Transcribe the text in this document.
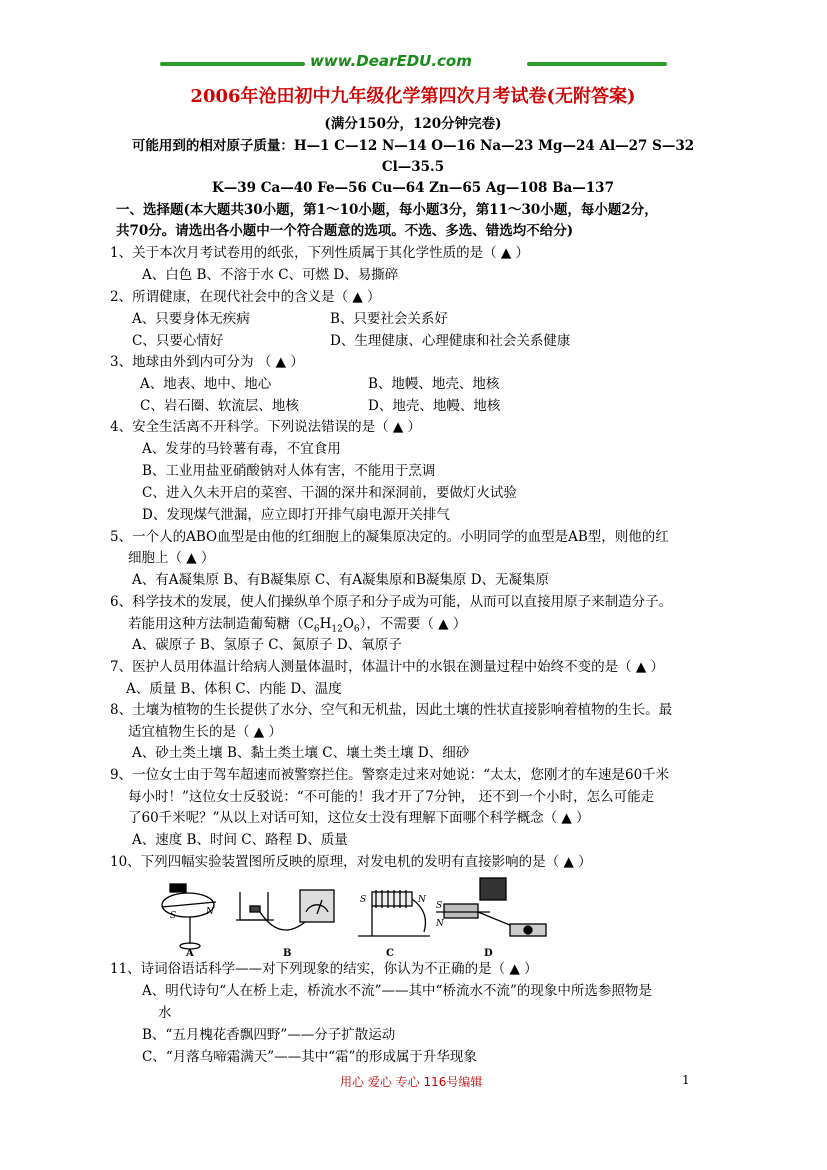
www.DearEDU.com
2006年沧田初中九年级化学第四次月考试卷(无附答案)
(满分150分，120分钟完卷)
可能用到的相对原子质量：H—1 C—12 N—14 O—16 Na—23 Mg—24 Al—27 S—32
Cl—35.5
K—39 Ca—40 Fe—56 Cu—64 Zn—65 Ag—108 Ba—137
一、选择题(本大题共30小题，第1～10小题，每小题3分，第11～30小题，每小题2分，
共70分。请选出各小题中一个符合题意的选项。不选、多选、错选均不给分)
1、关于本次月考试卷用的纸张，下列性质属于其化学性质的是（ ▲ ）
A、白色 B、不溶于水 C、可燃 D、易撕碎
2、所谓健康，在现代社会中的含义是（ ▲ ）
A、只要身体无疾病	B、只要社会关系好
C、只要心情好	D、生理健康、心理健康和社会关系健康
3、地球由外到内可分为 （ ▲ ）
A、地表、地中、地心	B、地幔、地壳、地核
C、岩石圈、软流层、地核	D、地壳、地幔、地核
4、安全生活离不开科学。下列说法错误的是（ ▲ ）
A、发芽的马铃薯有毒，不宜食用
B、工业用盐亚硝酸钠对人体有害，不能用于烹调
C、进入久未开启的菜窖、干涸的深井和深洞前，要做灯火试验
D、发现煤气泄漏，应立即打开排气扇电源开关排气
5、一个人的ABO血型是由他的红细胞上的凝集原决定的。小明同学的血型是AB型，则他的红
细胞上（ ▲ ）
A、有A凝集原 B、有B凝集原 C、有A凝集原和B凝集原 D、无凝集原
6、科学技术的发展，使人们操纵单个原子和分子成为可能，从而可以直接用原子来制造分子。
若能用这种方法制造葡萄糖$(C_6H_{12}O_6)$，不需要（ ▲ ）
A、碳原子 B、氢原子 C、氮原子 D、氧原子
7、医护人员用体温计给病人测量体温时，体温计中的水银在测量过程中始终不变的是（ ▲ ）
A、质量 B、体积 C、内能 D、温度
8、土壤为植物的生长提供了水分、空气和无机盐，因此土壤的性状直接影响着植物的生长。最
适宜植物生长的是（ ▲ ）
A、砂土类土壤 B、黏土类土壤 C、壤土类土壤 D、细砂
9、一位女士由于驾车超速而被警察拦住。警察走过来对她说：“太太，您刚才的车速是60千米
每小时！”这位女士反驳说：“不可能的！我才开了7分钟， 还不到一个小时，怎么可能走
了60千米呢？”从以上对话可知，这位女士没有理解下面哪个科学概念（ ▲ ）
A、速度 B、时间 C、路程 D、质量
10、下列四幅实验装置图所反映的原理，对发电机的发明有直接影响的是（ ▲ ）
S	N
S	N
S
N
A	B	C	D
11、诗词俗语话科学——对下列现象的结实，你认为不正确的是（ ▲ ）
A、明代诗句“人在桥上走，桥流水不流”——其中“桥流水不流”的现象中所选参照物是
水
B、“五月槐花香飘四野”——分子扩散运动
C、“月落乌啼霜满天”——其中“霜”的形成属于升华现象
用心 爱心 专心 116号编辑	1
